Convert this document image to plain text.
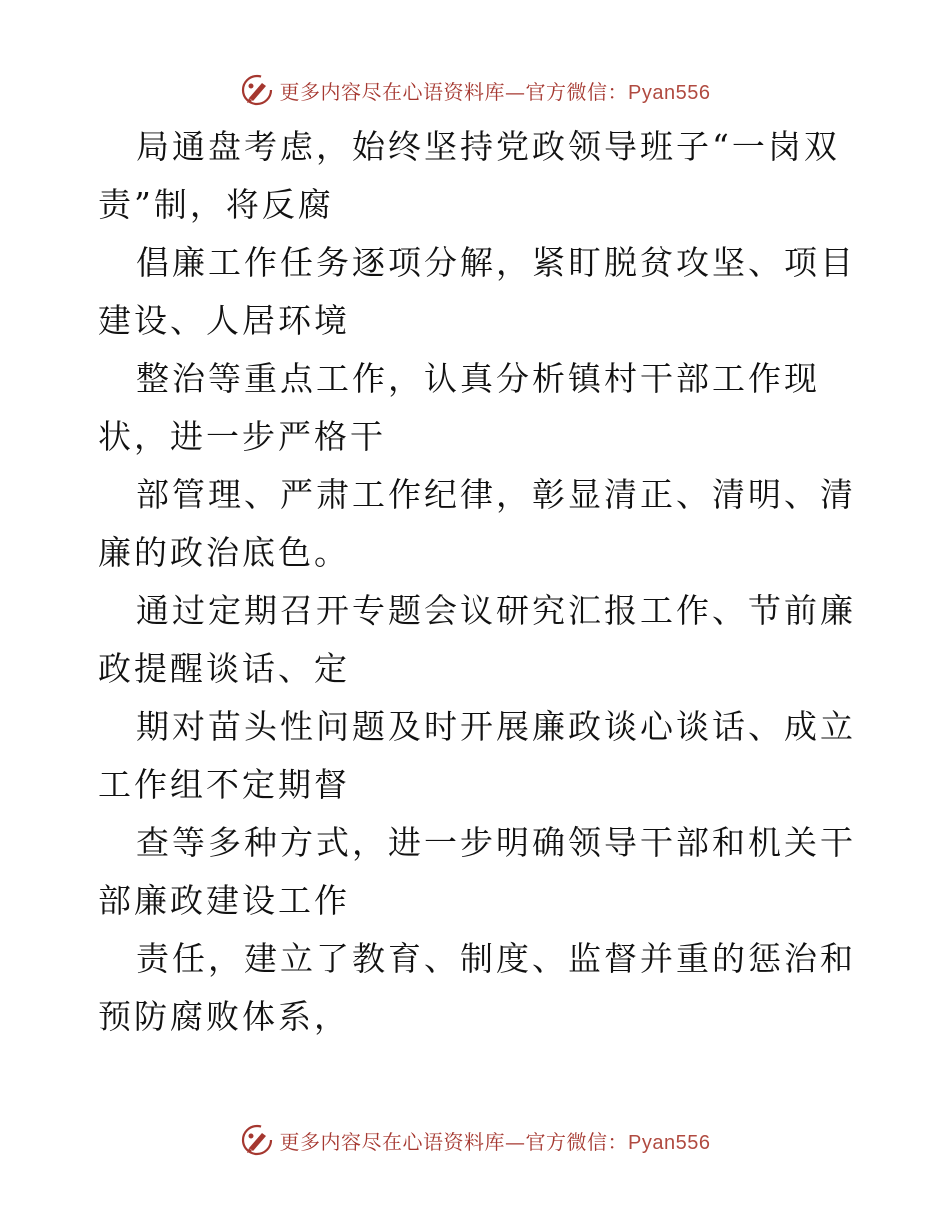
更多内容尽在心语资料库—官方微信：Pyan556

局通盘考虑，始终坚持党政领导班子“一岗双责”制，将反腐

倡廉工作任务逐项分解，紧盯脱贫攻坚、项目建设、人居环境

整治等重点工作，认真分析镇村干部工作现状，进一步严格干

部管理、严肃工作纪律，彰显清正、清明、清廉的政治底色。

通过定期召开专题会议研究汇报工作、节前廉政提醒谈话、定

期对苗头性问题及时开展廉政谈心谈话、成立工作组不定期督

查等多种方式，进一步明确领导干部和机关干部廉政建设工作

责任，建立了教育、制度、监督并重的惩治和预防腐败体系，

更多内容尽在心语资料库—官方微信：Pyan556
